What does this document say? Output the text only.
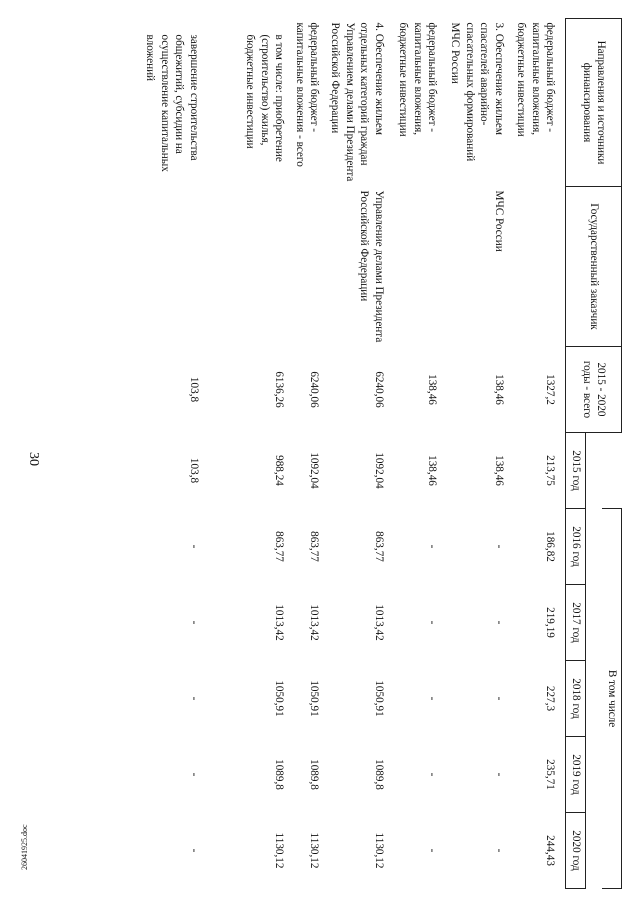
30
26041925.doc
Направления и источники финансирования	Государственный заказчик	2015 - 2020 годы - всего		В том числе				

			2015 год	2016 год	2017 год	2018 год	2019 год	2020 год
федеральный бюджет - капитальные вложения, бюджетные инвестиции		1327,2	213,75	186,82	219,19	227,3	235,71	244,43
3. Обеспечение жильем спасателей аварийно-спасательных формирований МЧС России	МЧС России	138,46	138,46	-	-	-	-	-
федеральный бюджет - капитальные вложения, бюджетные инвестиции		138,46	138,46	-	-	-	-	-
4. Обеспечение жильем отдельных категорий граждан Управлением делами Президента Российской Федерации	Управление делами Президента Российской Федерации	6240,06	1092,04	863,77	1013,42	1050,91	1089,8	1130,12
федеральный бюджет - капитальные вложения - всего		6240,06	1092,04	863,77	1013,42	1050,91	1089,8	1130,12
в том числе: приобретение (строительство) жилья, бюджетные инвестиции		6136,26	988,24	863,77	1013,42	1050,91	1089,8	1130,12
завершение строительства общежитий, субсидии на осуществление капитальных вложений		103,8	103,8	-	-	-	-	-
